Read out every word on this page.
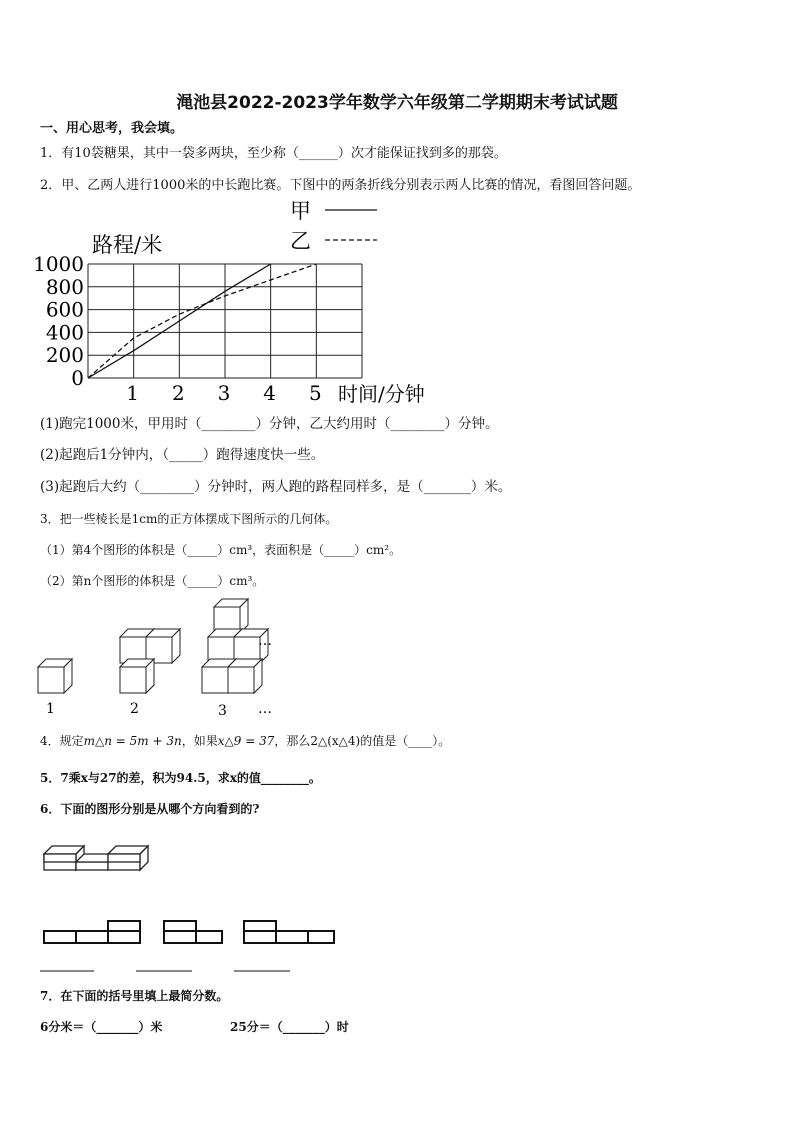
渑池县2022-2023学年数学六年级第二学期期末考试试题
一、用心思考，我会填。
1．有10袋糖果，其中一袋多两块，至少称（______）次才能保证找到多的那袋。
2．甲、乙两人进行1000米的中长跑比赛。下图中的两条折线分别表示两人比赛的情况，看图回答问题。
0
200
400
600
800
1000
1 2 3 4 5
路程/米
时间/分钟
甲
乙
(1)跑完1000米，甲用时（________）分钟，乙大约用时（________）分钟。
(2)起跑后1分钟内，（_____）跑得速度快一些。
(3)起跑后大约（________）分钟时，两人跑的路程同样多，是（_______）米。
3．把一些棱长是1cm的正方体摆成下图所示的几何体。
（1）第4个图形的体积是（_____）cm³，表面积是（_____）cm²。
（2）第n个图形的体积是（_____）cm³。
1	2	3
…
…
4．规定m△n = 5m + 3n，如果x△9 = 37，那么2△(x△4)的值是（____）。
5．7乘x与27的差，积为94.5，求x的值________。
6．下面的图形分别是从哪个方向看到的?
7．在下面的括号里填上最简分数。
6分米＝（_______）米	25分＝（_______）时
